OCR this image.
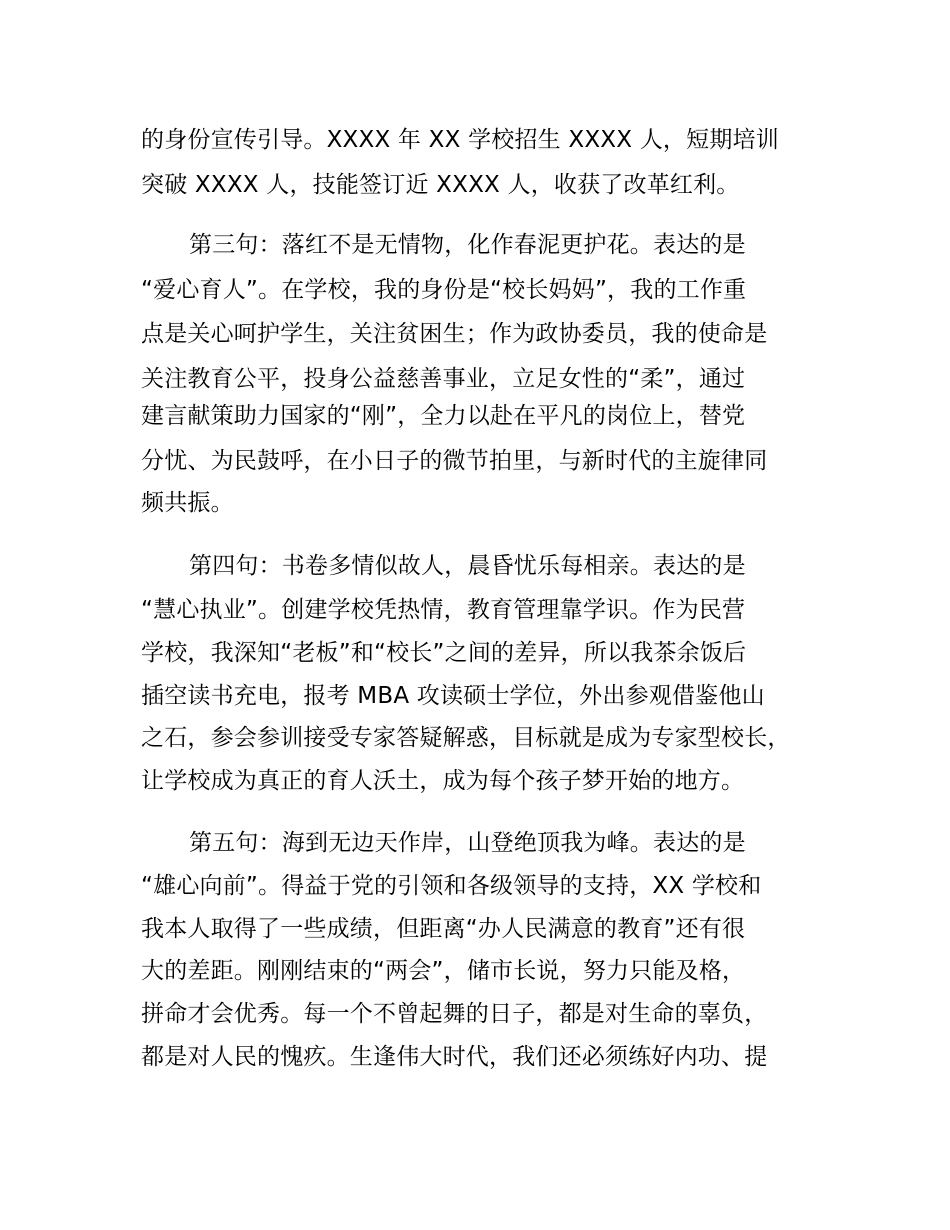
的身份宣传引导。XXXX 年 XX 学校招生 XXXX 人，短期培训
突破 XXXX 人，技能签订近 XXXX 人，收获了改革红利。
第三句：落红不是无情物，化作春泥更护花。表达的是
“爱心育人”。在学校，我的身份是“校长妈妈”，我的工作重
点是关心呵护学生，关注贫困生；作为政协委员，我的使命是
关注教育公平，投身公益慈善事业，立足女性的“柔”，通过
建言献策助力国家的“刚”，全力以赴在平凡的岗位上，替党
分忧、为民鼓呼，在小日子的微节拍里，与新时代的主旋律同
频共振。
第四句：书卷多情似故人，晨昏忧乐每相亲。表达的是
“慧心执业”。创建学校凭热情，教育管理靠学识。作为民营
学校，我深知“老板”和“校长”之间的差异，所以我茶余饭后
插空读书充电，报考 MBA 攻读硕士学位，外出参观借鉴他山
之石，参会参训接受专家答疑解惑，目标就是成为专家型校长，
让学校成为真正的育人沃土，成为每个孩子梦开始的地方。
第五句：海到无边天作岸，山登绝顶我为峰。表达的是
“雄心向前”。得益于党的引领和各级领导的支持，XX 学校和
我本人取得了一些成绩，但距离“办人民满意的教育”还有很
大的差距。刚刚结束的“两会”，储市长说，努力只能及格，
拼命才会优秀。每一个不曾起舞的日子，都是对生命的辜负，
都是对人民的愧疚。生逢伟大时代，我们还必须练好内功、提
